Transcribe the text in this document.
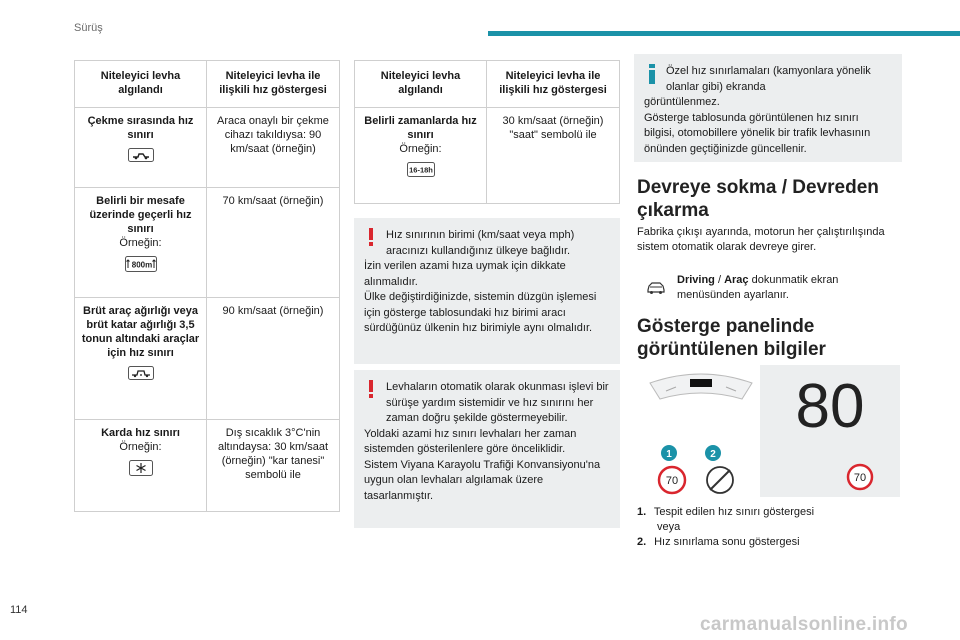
Sürüş
Niteleyici levha algılandı	Niteleyici levha ile ilişkili hız göstergesi
Çekme sırasında hız sınırı	Araca onaylı bir çekme cihazı takıldıysa: 90 km/saat (örneğin)
Belirli bir mesafe üzerinde geçerli hız sınırı
Örneğin:
800m	70 km/saat (örneğin)
Brüt araç ağırlığı veya brüt katar ağırlığı 3,5 tonun altındaki araçlar için hız sınırı	90 km/saat (örneğin)
Karda hız sınırı
Örneğin:	Dış sıcaklık 3°C'nin altındaysa: 30 km/saat (örneğin) "kar tanesi" sembolü ile
Niteleyici levha algılandı	Niteleyici levha ile ilişkili hız göstergesi
Belirli zamanlarda hız sınırı
Örneğin:
16-18h	30 km/saat (örneğin) "saat" sembolü ile

Hız sınırının birimi (km/saat veya mph) aracınızı kullandığınız ülkeye bağlıdır.

İzin verilen azami hıza uymak için dikkate alınmalıdır.

Ülke değiştirdiğinizde, sistemin düzgün işlemesi için gösterge tablosundaki hız birimi aracı sürdüğünüz ülkenin hız birimiyle aynı olmalıdır.

Levhaların otomatik olarak okunması işlevi bir sürüşe yardım sistemidir ve hız sınırını her zaman doğru şekilde göstermeyebilir.

Yoldaki azami hız sınırı levhaları her zaman sistemden gösterilenlere göre önceliklidir.

Sistem Viyana Karayolu Trafiği Konvansiyonu'na uygun olan levhaları algılamak üzere tasarlanmıştır.

Özel hız sınırlamaları (kamyonlara yönelik olanlar gibi) ekranda

görüntülenmez.

Gösterge tablosunda görüntülenen hız sınırı bilgisi, otomobillere yönelik bir trafik levhasının önünden geçtiğinizde güncellenir.

Devreye sokma / Devreden çıkarma
Fabrika çıkışı ayarında, motorun her çalıştırılışında sistem otomatik olarak devreye girer.
Driving / Araç dokunmatik ekran menüsünden ayarlanır.
Gösterge panelinde görüntülenen bilgiler
1	2
70
80
70
1. Tespit edilen hız sınırı göstergesi
veya
2. Hız sınırlama sonu göstergesi
114
carmanualsonline.info
